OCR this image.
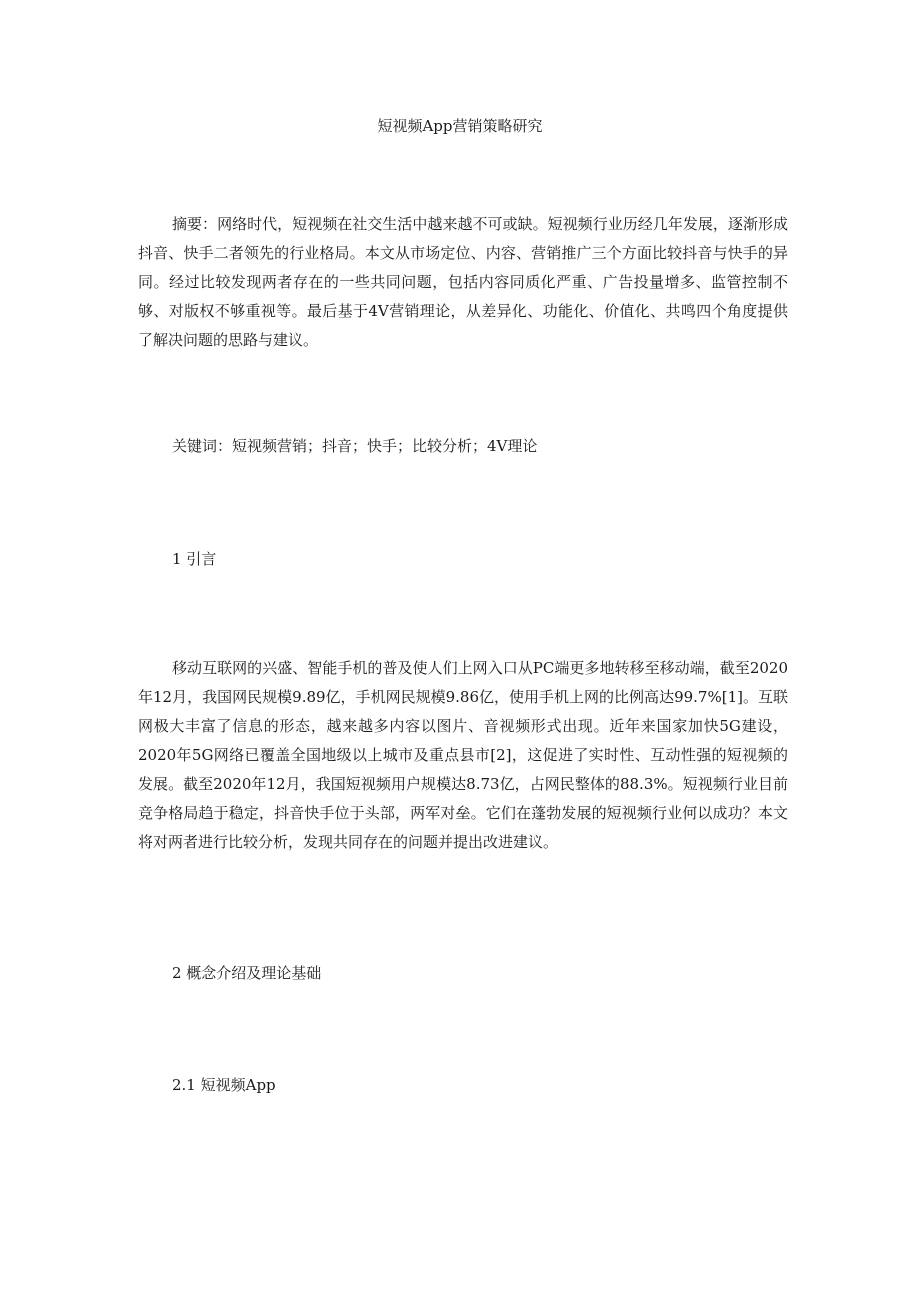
短视频App营销策略研究

摘要：网络时代，短视频在社交生活中越来越不可或缺。短视频行业历经几年发展，逐渐形成抖音、快手二者领先的行业格局。本文从市场定位、内容、营销推广三个方面比较抖音与快手的异同。经过比较发现两者存在的一些共同问题，包括内容同质化严重、广告投量增多、监管控制不够、对版权不够重视等。最后基于4V营销理论，从差异化、功能化、价值化、共鸣四个角度提供了解决问题的思路与建议。

关键词：短视频营销；抖音；快手；比较分析；4V理论

1 引言

移动互联网的兴盛、智能手机的普及使人们上网入口从PC端更多地转移至移动端，截至2020年12月，我国网民规模9.89亿，手机网民规模9.86亿，使用手机上网的比例高达99.7%[1]。互联网极大丰富了信息的形态，越来越多内容以图片、音视频形式出现。近年来国家加快5G建设，2020年5G网络已覆盖全国地级以上城市及重点县市[2]，这促进了实时性、互动性强的短视频的发展。截至2020年12月，我国短视频用户规模达8.73亿，占网民整体的88.3%。短视频行业目前竞争格局趋于稳定，抖音快手位于头部，两军对垒。它们在蓬勃发展的短视频行业何以成功？本文将对两者进行比较分析，发现共同存在的问题并提出改进建议。

2 概念介绍及理论基础
2.1 短视频App
